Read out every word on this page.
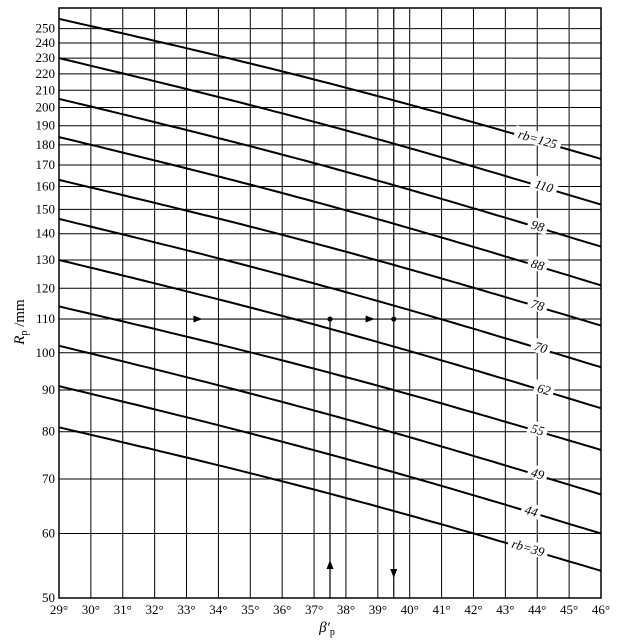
rb=125
110
98
88
78
70
62
55
49
44
rb=39
29° 30° 31° 32° 33° 34° 35° 36° 37° 38° 39° 40° 41° 42° 43° 44° 45° 46°
50
60
70
80
90
100
110
120
130
140
150
160
170
180
190
200
210
220
230
240
250
$R_p$ /mm
$\beta'_p$
